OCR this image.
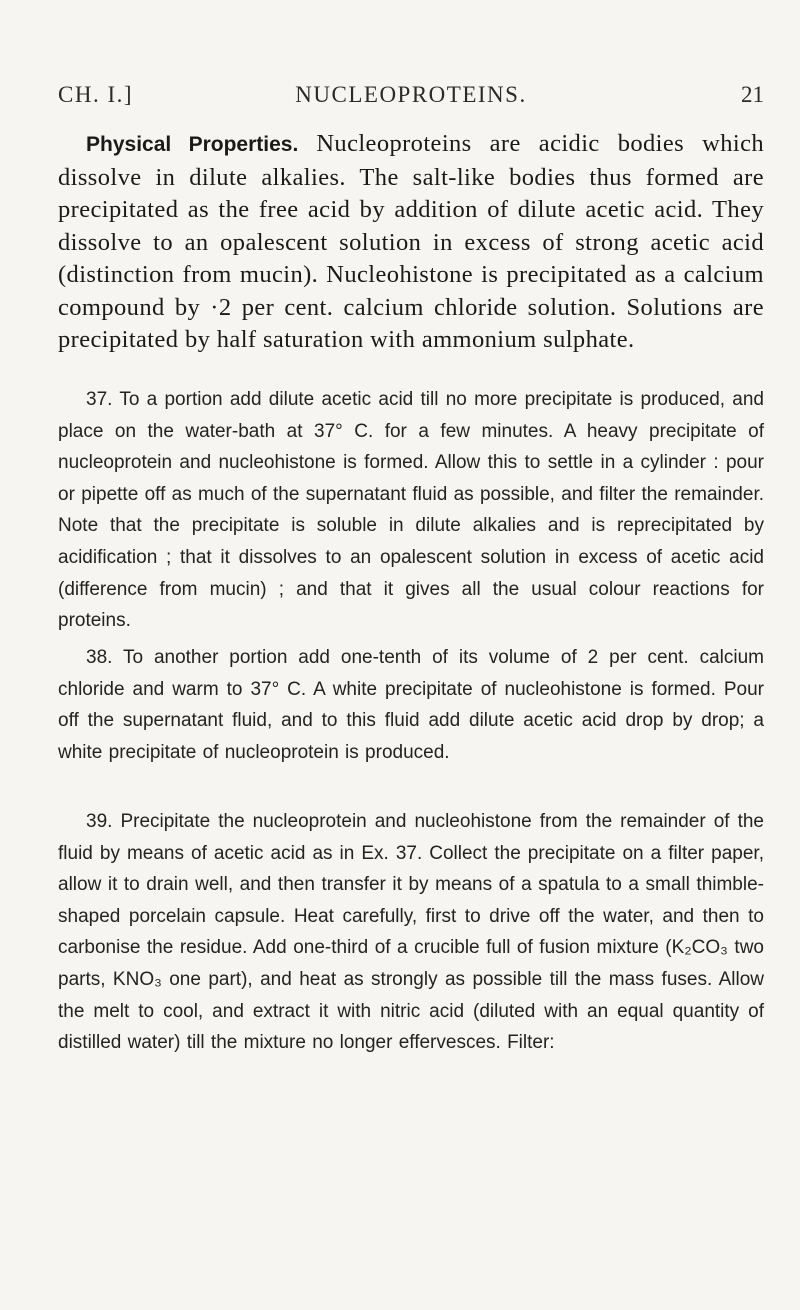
CH. I.]	NUCLEOPROTEINS.	21

Physical Properties. Nucleoproteins are acidic bodies which dissolve in dilute alkalies. The salt-like bodies thus formed are precipitated as the free acid by addition of dilute acetic acid. They dissolve to an opalescent solution in excess of strong acetic acid (distinction from mucin). Nucleohistone is precipitated as a calcium compound by ·2 per cent. calcium chloride solution. Solutions are precipitated by half saturation with ammonium sulphate.

37. To a portion add dilute acetic acid till no more precipitate is produced, and place on the water-bath at 37° C. for a few minutes. A heavy precipitate of nucleoprotein and nucleohistone is formed. Allow this to settle in a cylinder : pour or pipette off as much of the supernatant fluid as possible, and filter the remainder. Note that the precipitate is soluble in dilute alkalies and is reprecipitated by acidification ; that it dissolves to an opalescent solution in excess of acetic acid (difference from mucin) ; and that it gives all the usual colour reactions for proteins.

38. To another portion add one-tenth of its volume of 2 per cent. calcium chloride and warm to 37° C. A white precipitate of nucleohistone is formed. Pour off the supernatant fluid, and to this fluid add dilute acetic acid drop by drop; a white precipitate of nucleoprotein is produced.

39. Precipitate the nucleoprotein and nucleohistone from the remainder of the fluid by means of acetic acid as in Ex. 37. Collect the precipitate on a filter paper, allow it to drain well, and then transfer it by means of a spatula to a small thimble-shaped porcelain capsule. Heat carefully, first to drive off the water, and then to carbonise the residue. Add one-third of a crucible full of fusion mixture (K₂CO₃ two parts, KNO₃ one part), and heat as strongly as possible till the mass fuses. Allow the melt to cool, and extract it with nitric acid (diluted with an equal quantity of distilled water) till the mixture no longer effervesces. Filter:
